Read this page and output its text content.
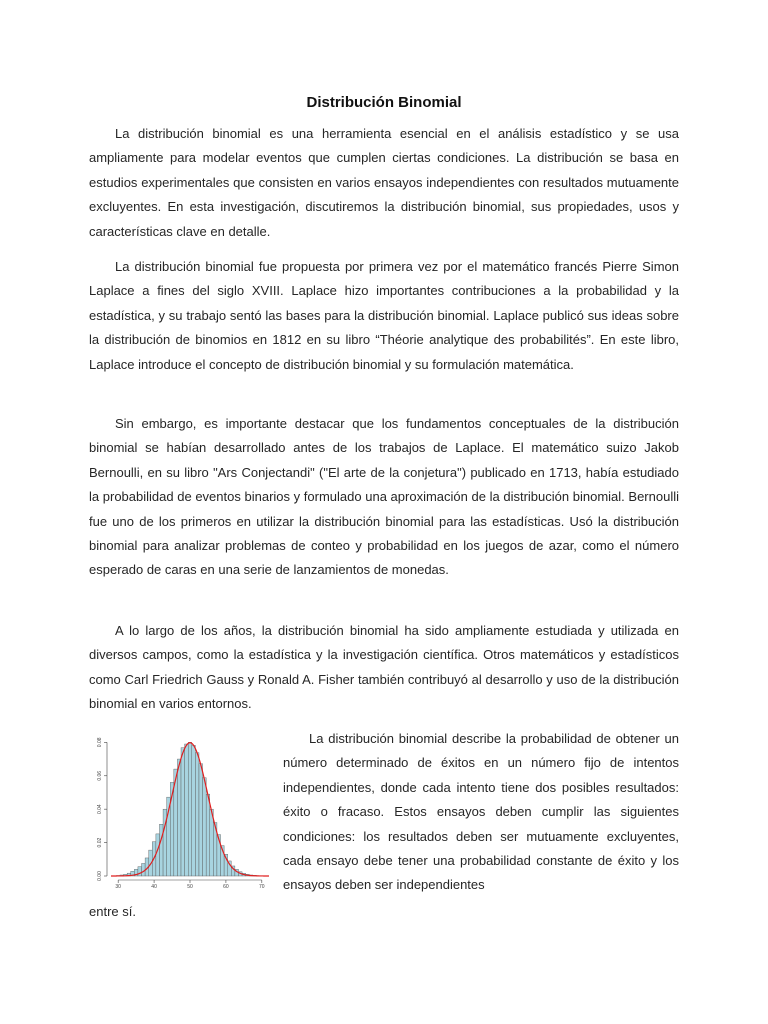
Distribución Binomial

La distribución binomial es una herramienta esencial en el análisis estadístico y se usa ampliamente para modelar eventos que cumplen ciertas condiciones. La distribución se basa en estudios experimentales que consisten en varios ensayos independientes con resultados mutuamente excluyentes. En esta investigación, discutiremos la distribución binomial, sus propiedades, usos y características clave en detalle.

La distribución binomial fue propuesta por primera vez por el matemático francés Pierre Simon Laplace a fines del siglo XVIII. Laplace hizo importantes contribuciones a la probabilidad y la estadística, y su trabajo sentó las bases para la distribución binomial. Laplace publicó sus ideas sobre la distribución de binomios en 1812 en su libro “Théorie analytique des probabilités”. En este libro, Laplace introduce el concepto de distribución binomial y su formulación matemática.

Sin embargo, es importante destacar que los fundamentos conceptuales de la distribución binomial se habían desarrollado antes de los trabajos de Laplace. El matemático suizo Jakob Bernoulli, en su libro "Ars Conjectandi" ("El arte de la conjetura") publicado en 1713, había estudiado la probabilidad de eventos binarios y formulado una aproximación de la distribución binomial. Bernoulli fue uno de los primeros en utilizar la distribución binomial para las estadísticas. Usó la distribución binomial para analizar problemas de conteo y probabilidad en los juegos de azar, como el número esperado de caras en una serie de lanzamientos de monedas.

A lo largo de los años, la distribución binomial ha sido ampliamente estudiada y utilizada en diversos campos, como la estadística y la investigación científica. Otros matemáticos y estadísticos como Carl Friedrich Gauss y Ronald A. Fisher también contribuyó al desarrollo y uso de la distribución binomial en varios entornos.

30	40	50	60	70
0.00
0.02
0.04
0.06
0.08	La distribución binomial describe la probabilidad de obtener un número determinado de éxitos en un número fijo de intentos independientes, donde cada intento tiene dos posibles resultados: éxito o fracaso. Estos ensayos deben cumplir las siguientes condiciones: los resultados deben ser mutuamente excluyentes, cada ensayo debe tener una probabilidad constante de éxito y los ensayos deben ser independientes

entre sí.
